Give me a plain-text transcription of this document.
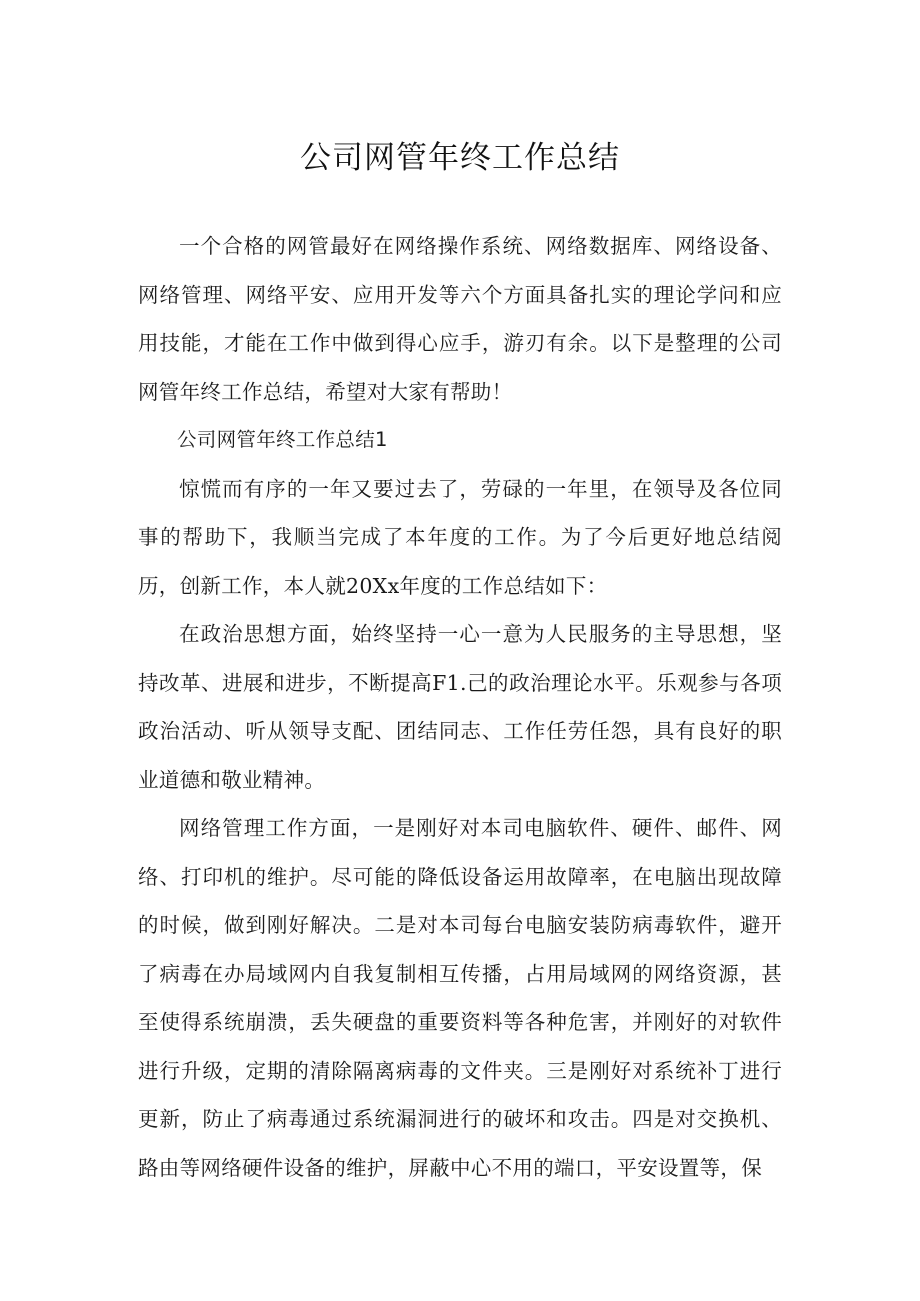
公司网管年终工作总结

一个合格的网管最好在网络操作系统、网络数据库、网络设备、网络管理、网络平安、应用开发等六个方面具备扎实的理论学问和应用技能，才能在工作中做到得心应手，游刃有余。以下是整理的公司网管年终工作总结，希望对大家有帮助！

公司网管年终工作总结1

惊慌而有序的一年又要过去了，劳碌的一年里，在领导及各位同事的帮助下，我顺当完成了本年度的工作。为了今后更好地总结阅历，创新工作，本人就20Xx年度的工作总结如下：

在政治思想方面，始终坚持一心一意为人民服务的主导思想，坚持改革、进展和进步，不断提高F1.己的政治理论水平。乐观参与各项政治活动、听从领导支配、团结同志、工作任劳任怨，具有良好的职业道德和敬业精神。

网络管理工作方面，一是刚好对本司电脑软件、硬件、邮件、网络、打印机的维护。尽可能的降低设备运用故障率，在电脑出现故障的时候，做到刚好解决。二是对本司每台电脑安装防病毒软件，避开了病毒在办局域网内自我复制相互传播，占用局域网的网络资源，甚至使得系统崩溃，丢失硬盘的重要资料等各种危害，并刚好的对软件进行升级，定期的清除隔离病毒的文件夹。三是刚好对系统补丁进行更新，防止了病毒通过系统漏洞进行的破坏和攻击。四是对交换机、路由等网络硬件设备的维护，屏蔽中心不用的端口，平安设置等，保
